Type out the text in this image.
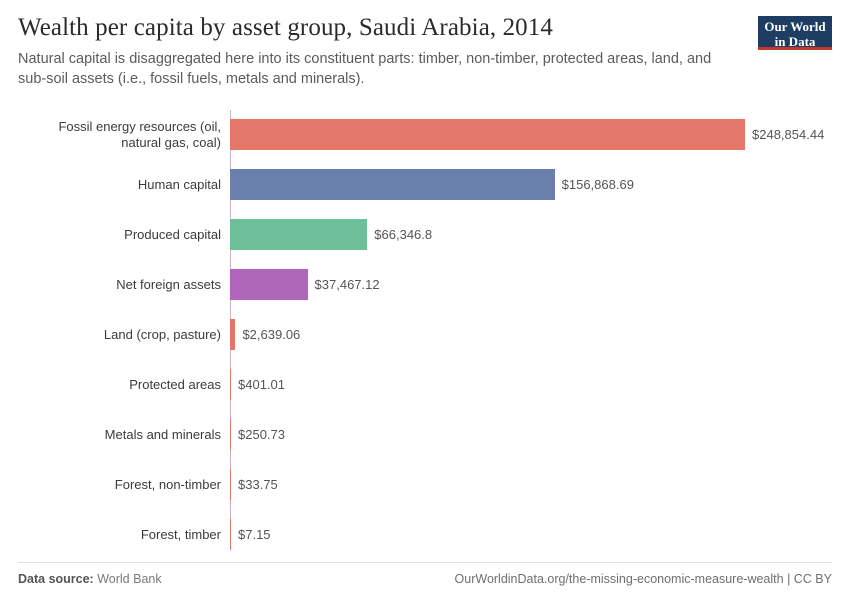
Wealth per capita by asset group, Saudi Arabia, 2014

Natural capital is disaggregated here into its constituent parts: timber, non-timber, protected areas, land, and sub-soil assets (i.e., fossil fuels, metals and minerals).

Our World
in Data
Fossil energy resources (oil, natural gas, coal)	$248,854.44
Human capital	$156,868.69
Produced capital	$66,346.8
Net foreign assets	$37,467.12
Land (crop, pasture)	$2,639.06
Protected areas	$401.01
Metals and minerals	$250.73
Forest, non-timber	$33.75
Forest, timber	$7.15
Data source: World Bank	OurWorldinData.org/the-missing-economic-measure-wealth | CC BY
